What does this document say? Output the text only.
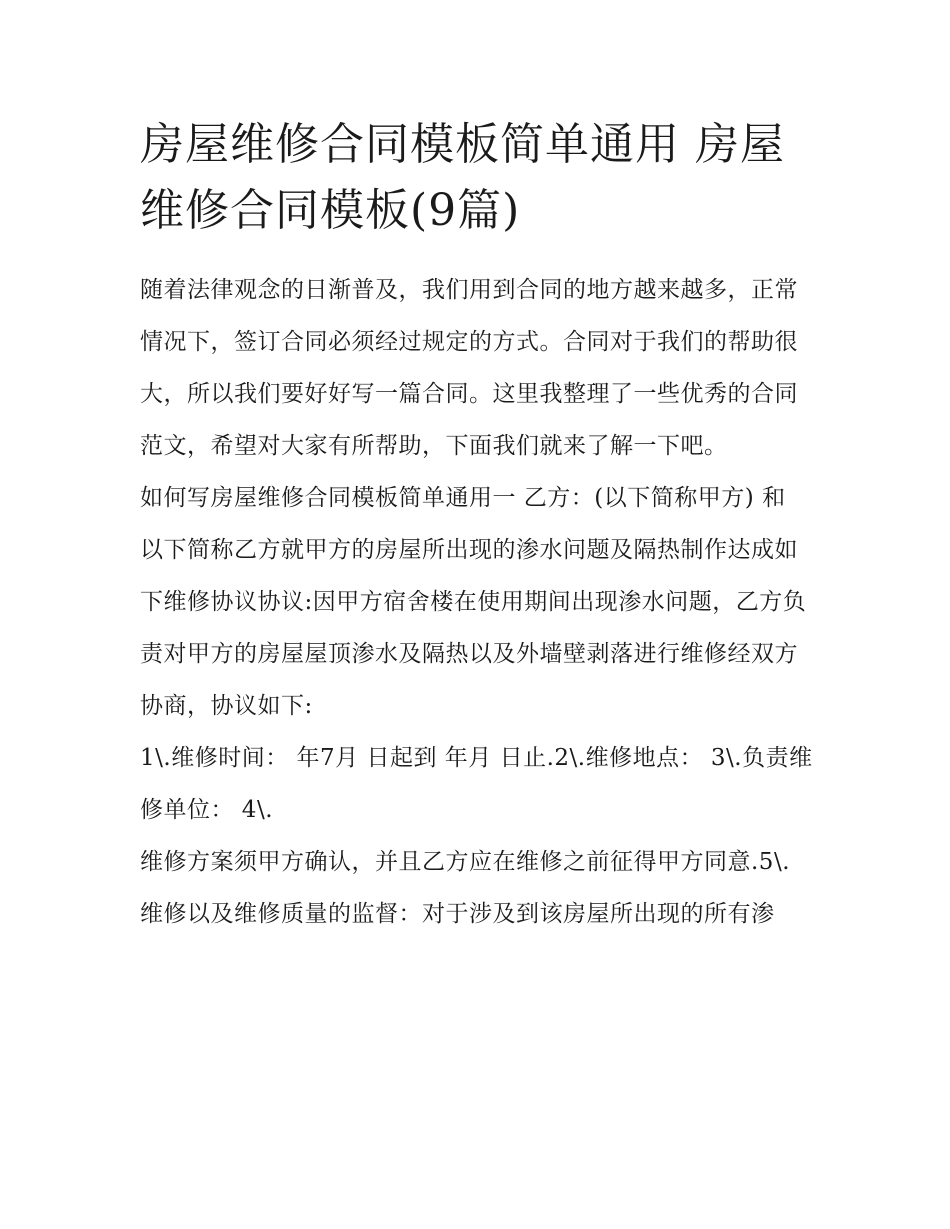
房屋维修合同模板简单通用 房屋维修合同模板(9篇)

随着法律观念的日渐普及，我们用到合同的地方越来越多，正常情况下，签订合同必须经过规定的方式。合同对于我们的帮助很大，所以我们要好好写一篇合同。这里我整理了一些优秀的合同范文，希望对大家有所帮助，下面我们就来了解一下吧。

如何写房屋维修合同模板简单通用一 乙方：(以下简称甲方) 和

以下简称乙方就甲方的房屋所出现的渗水问题及隔热制作达成如下维修协议协议:因甲方宿舍楼在使用期间出现渗水问题，乙方负责对甲方的房屋屋顶渗水及隔热以及外墙壁剥落进行维修经双方协商，协议如下:

1\.维修时间： 年7月 日起到 年月 日止.2\.维修地点： 3\.负责维修单位： 4\.

维修方案须甲方确认，并且乙方应在维修之前征得甲方同意.5\.

维修以及维修质量的监督：对于涉及到该房屋所出现的所有渗
